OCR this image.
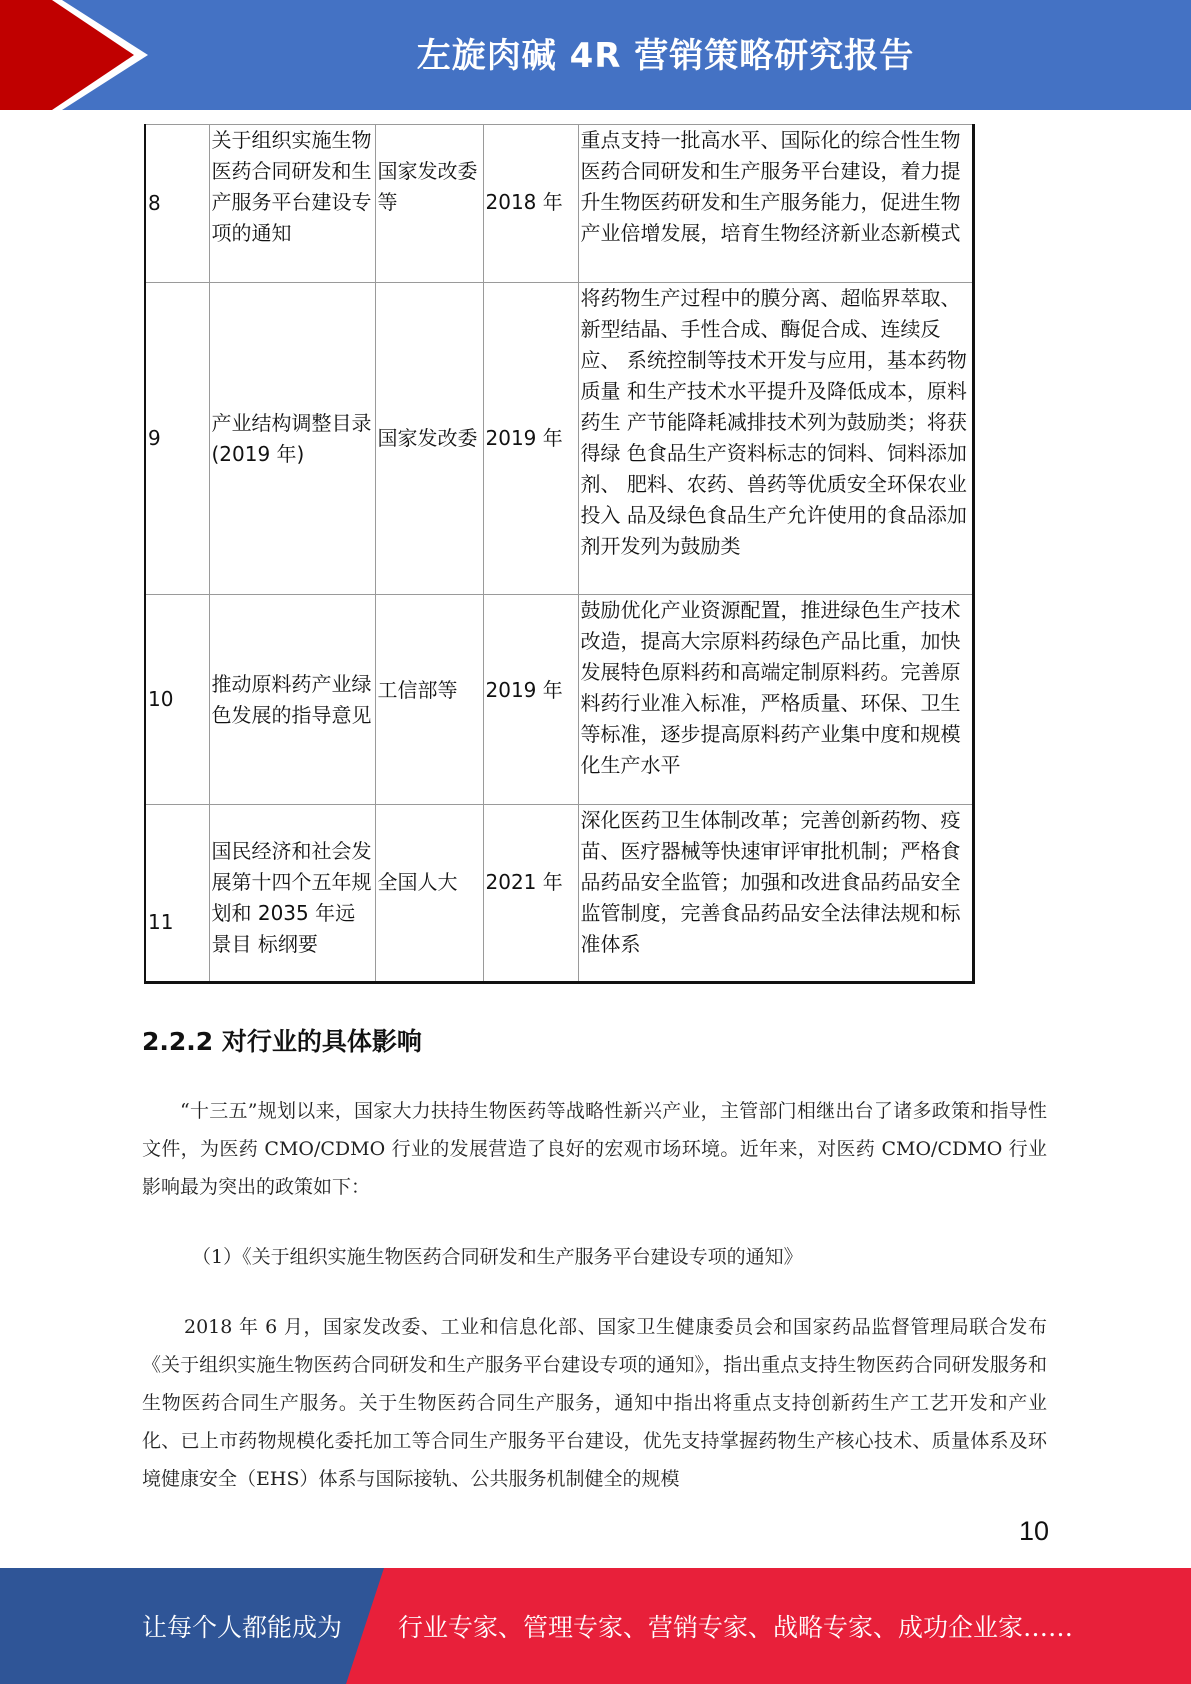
左旋肉碱 4R 营销策略研究报告
8	关于组织实施生物医药合同研发和生产服务平台建设专项的通知	国家发改委等	2018 年	重点支持一批高水平、国际化的综合性生物 医药合同研发和生产服务平台建设，着力提 升生物医药研发和生产服务能力，促进生物 产业倍增发展，培育生物经济新业态新模式
9	产业结构调整目录(2019 年)	国家发改委	2019 年	将药物生产过程中的膜分离、超临界萃取、 新型结晶、手性合成、酶促合成、连续反应、 系统控制等技术开发与应用，基本药物质量 和生产技术水平提升及降低成本，原料药生 产节能降耗减排技术列为鼓励类；将获得绿 色食品生产资料标志的饲料、饲料添加剂、 肥料、农药、兽药等优质安全环保农业投入 品及绿色食品生产允许使用的食品添加剂开发列为鼓励类
10	推动原料药产业绿色发展的指导意见	工信部等	2019 年	鼓励优化产业资源配置，推进绿色生产技术 改造，提高大宗原料药绿色产品比重，加快 发展特色原料药和高端定制原料药。完善原 料药行业准入标准，严格质量、环保、卫生 等标准，逐步提高原料药产业集中度和规模 化生产水平
11	国民经济和社会发展第十四个五年规划和 2035 年远景目 标纲要	全国人大	2021 年	深化医药卫生体制改革；完善创新药物、疫 苗、医疗器械等快速审评审批机制；严格食 品药品安全监管；加强和改进食品药品安全 监管制度，完善食品药品安全法律法规和标 准体系
2.2.2 对行业的具体影响
“十三五”规划以来，国家大力扶持生物医药等战略性新兴产业，主管部门相继出台了诸多政策和指导性文件，为医药 CMO/CDMO 行业的发展营造了良好的宏观市场环境。近年来，对医药 CMO/CDMO 行业影响最为突出的政策如下：
（1）《关于组织实施生物医药合同研发和生产服务平台建设专项的通知》
2018 年 6 月，国家发改委、工业和信息化部、国家卫生健康委员会和国家药品监督管理局联合发布《关于组织实施生物医药合同研发和生产服务平台建设专项的通知》，指出重点支持生物医药合同研发服务和生物医药合同生产服务。关于生物医药合同生产服务，通知中指出将重点支持创新药生产工艺开发和产业化、已上市药物规模化委托加工等合同生产服务平台建设，优先支持掌握药物生产核心技术、质量体系及环境健康安全（EHS）体系与国际接轨、公共服务机制健全的规模
10
让每个人都能成为 行业专家、管理专家、营销专家、战略专家、成功企业家……
